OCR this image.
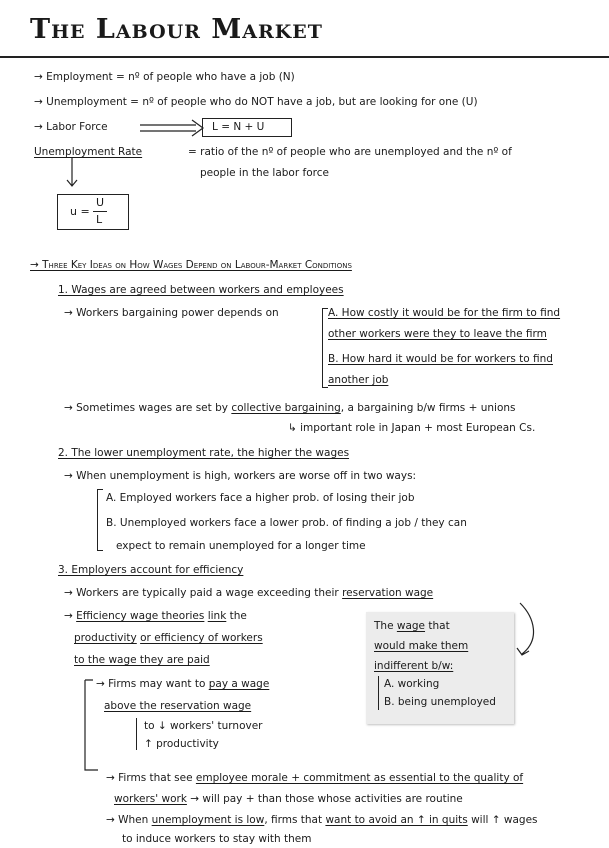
The Labour Market
→ Employment = nº of people who have a job (N)
→ Unemployment = nº of people who do NOT have a job, but are looking for one (U)
→ Labor Force	L = N + U
Unemployment Rate	= ratio of the nº of people who are unemployed and the nº of
people in the labor force
u =
U
L
→ Three Key Ideas on How Wages Depend on Labour-Market Conditions
1. Wages are agreed between workers and employees
→ Workers bargaining power depends on	A. How costly it would be for the firm to find
other workers were they to leave the firm
B. How hard it would be for workers to find
another job
→ Sometimes wages are set by collective bargaining, a bargaining b/w firms + unions
↳ important role in Japan + most European Cs.
2. The lower unemployment rate, the higher the wages
→ When unemployment is high, workers are worse off in two ways:
A. Employed workers face a higher prob. of losing their job
B. Unemployed workers face a lower prob. of finding a job / they can
expect to remain unemployed for a longer time
3. Employers account for efficiency
→ Workers are typically paid a wage exceeding their reservation wage
→ Efficiency wage theories link the
productivity or efficiency of workers
to the wage they are paid
→ Firms may want to pay a wage
above the reservation wage
to ↓ workers' turnover
↑ productivity
→ Firms that see employee morale + commitment as essential to the quality of
workers' work → will pay + than those whose activities are routine
→ When unemployment is low, firms that want to avoid an ↑ in quits will ↑ wages
to induce workers to stay with them
The wage that
would make them
indifferent b/w:
A. working
B. being unemployed
